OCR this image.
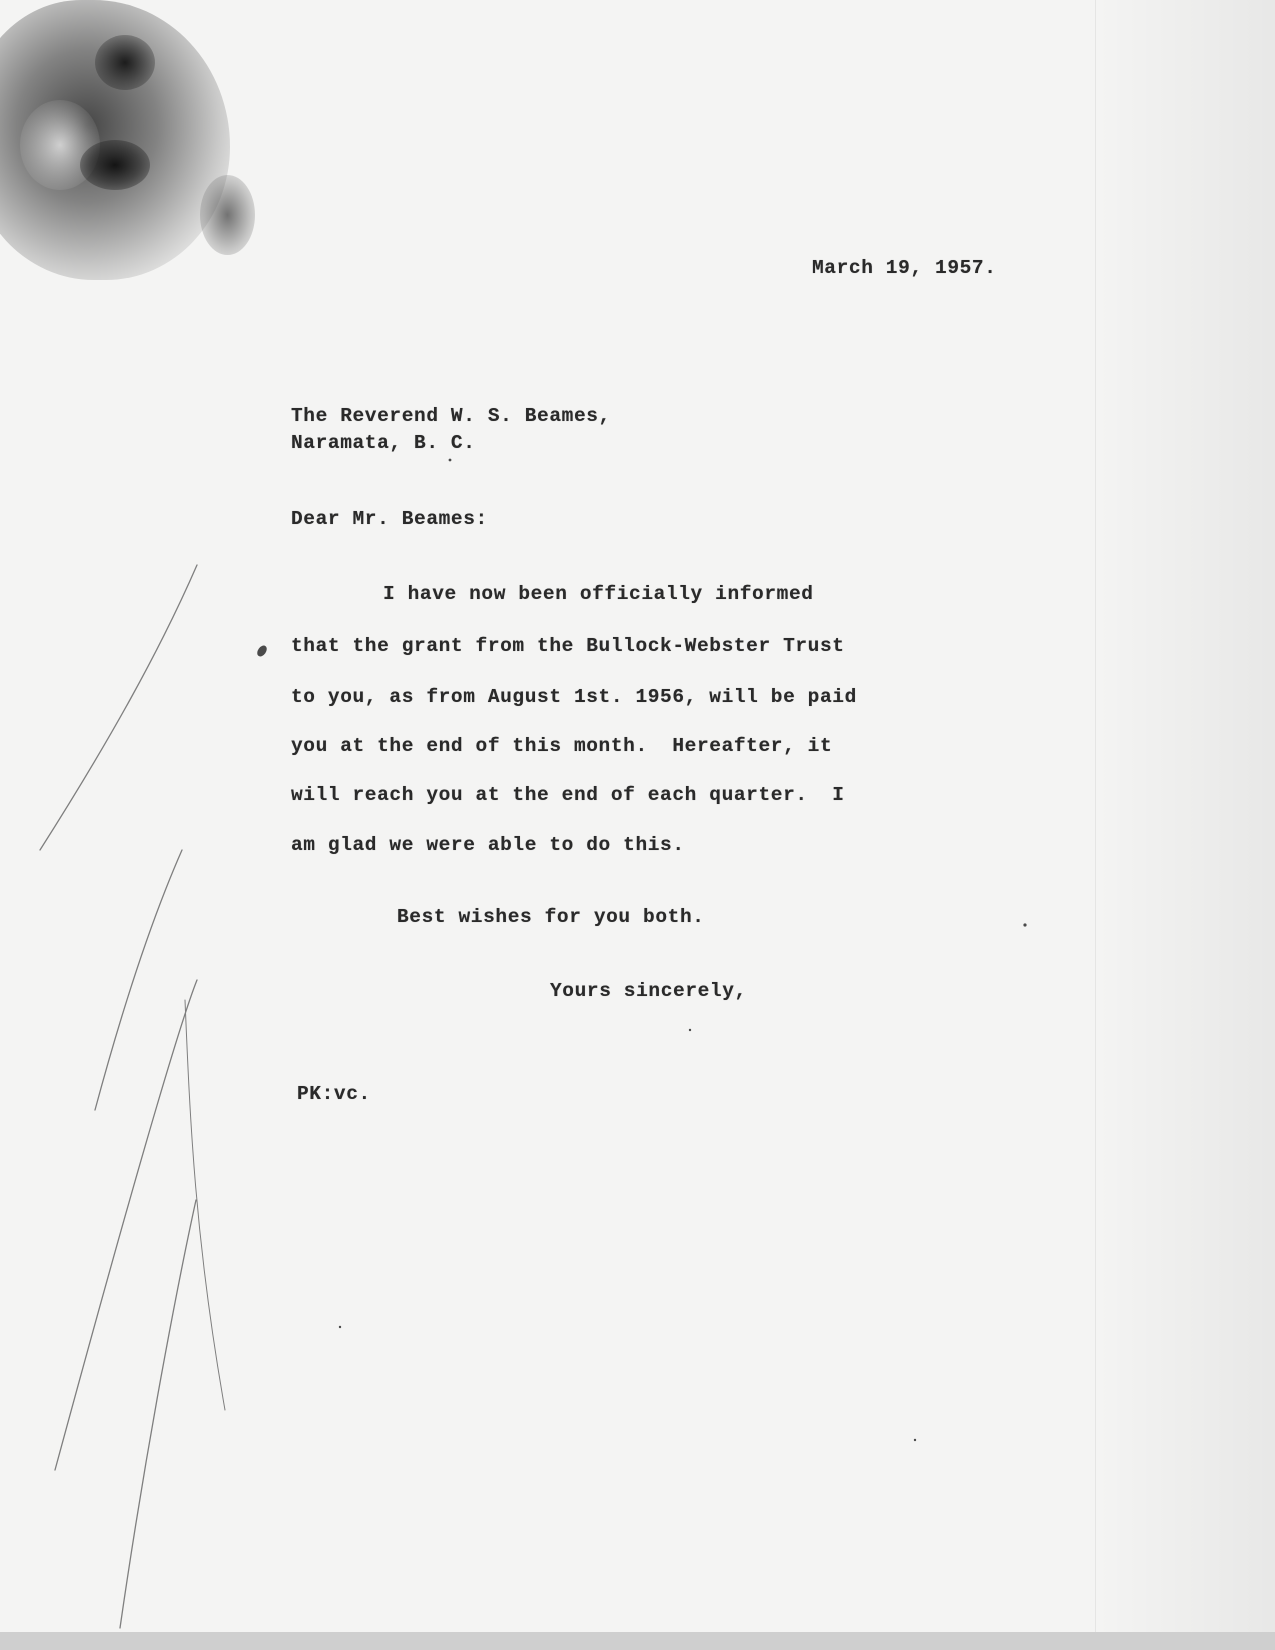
March 19, 1957.
The Reverend W. S. Beames,
Naramata, B. C.
Dear Mr. Beames:
I have now been officially informed
that the grant from the Bullock-Webster Trust
to you, as from August 1st. 1956, will be paid
you at the end of this month.  Hereafter, it
will reach you at the end of each quarter.  I
am glad we were able to do this.
Best wishes for you both.
Yours sincerely,
PK:vc.
